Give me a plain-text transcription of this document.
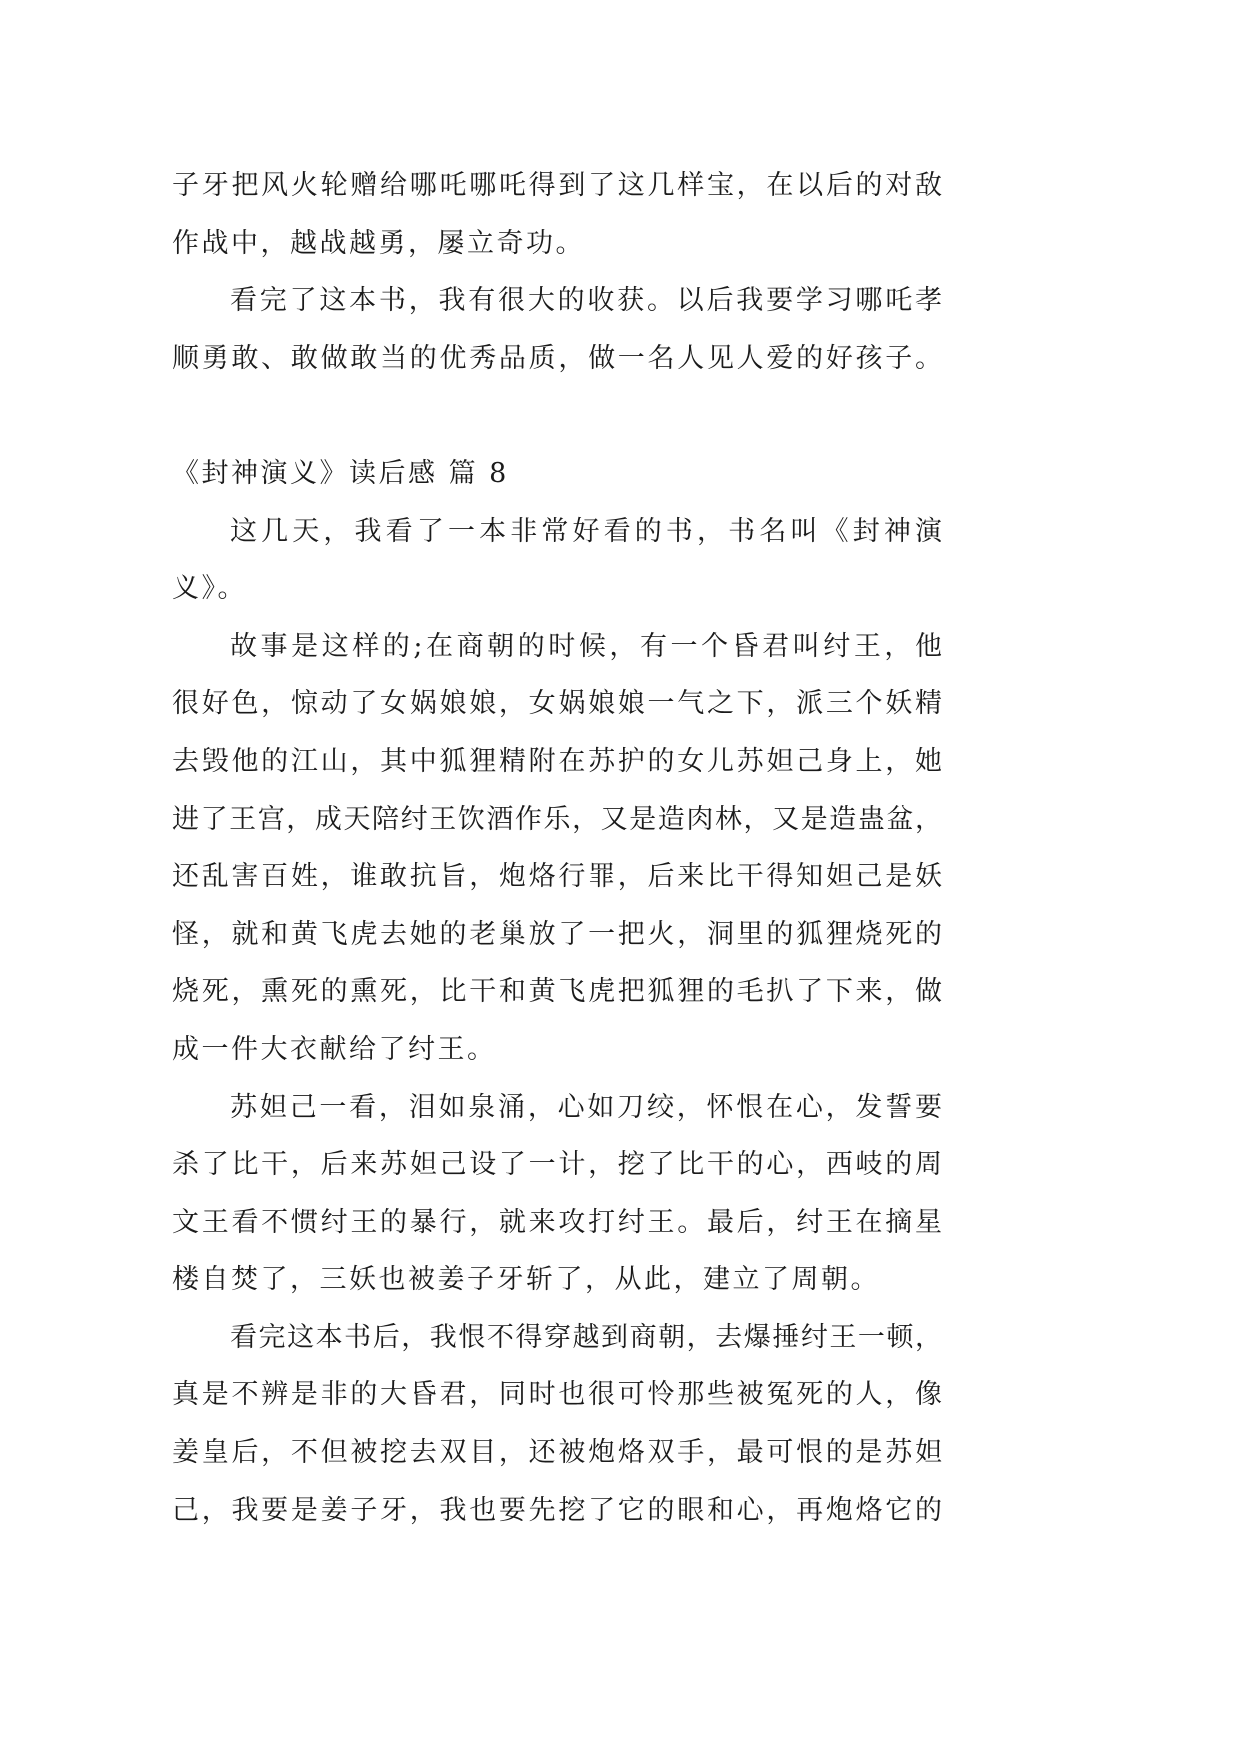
子牙把风火轮赠给哪吒哪吒得到了这几样宝，在以后的对敌
作战中，越战越勇，屡立奇功。
看完了这本书，我有很大的收获。以后我要学习哪吒孝
顺勇敢、敢做敢当的优秀品质，做一名人见人爱的好孩子。
《封神演义》读后感 篇 8
这几天，我看了一本非常好看的书，书名叫《封神演
义》。
故事是这样的;在商朝的时候，有一个昏君叫纣王，他
很好色，惊动了女娲娘娘，女娲娘娘一气之下，派三个妖精
去毁他的江山，其中狐狸精附在苏护的女儿苏妲己身上，她
进了王宫，成天陪纣王饮酒作乐，又是造肉林，又是造蛊盆，
还乱害百姓，谁敢抗旨，炮烙行罪，后来比干得知妲己是妖
怪，就和黄飞虎去她的老巢放了一把火，洞里的狐狸烧死的
烧死，熏死的熏死，比干和黄飞虎把狐狸的毛扒了下来，做
成一件大衣献给了纣王。
苏妲己一看，泪如泉涌，心如刀绞，怀恨在心，发誓要
杀了比干，后来苏妲己设了一计，挖了比干的心，西岐的周
文王看不惯纣王的暴行，就来攻打纣王。最后，纣王在摘星
楼自焚了，三妖也被姜子牙斩了，从此，建立了周朝。
看完这本书后，我恨不得穿越到商朝，去爆捶纣王一顿，
真是不辨是非的大昏君，同时也很可怜那些被冤死的人，像
姜皇后，不但被挖去双目，还被炮烙双手，最可恨的是苏妲
己，我要是姜子牙，我也要先挖了它的眼和心，再炮烙它的
